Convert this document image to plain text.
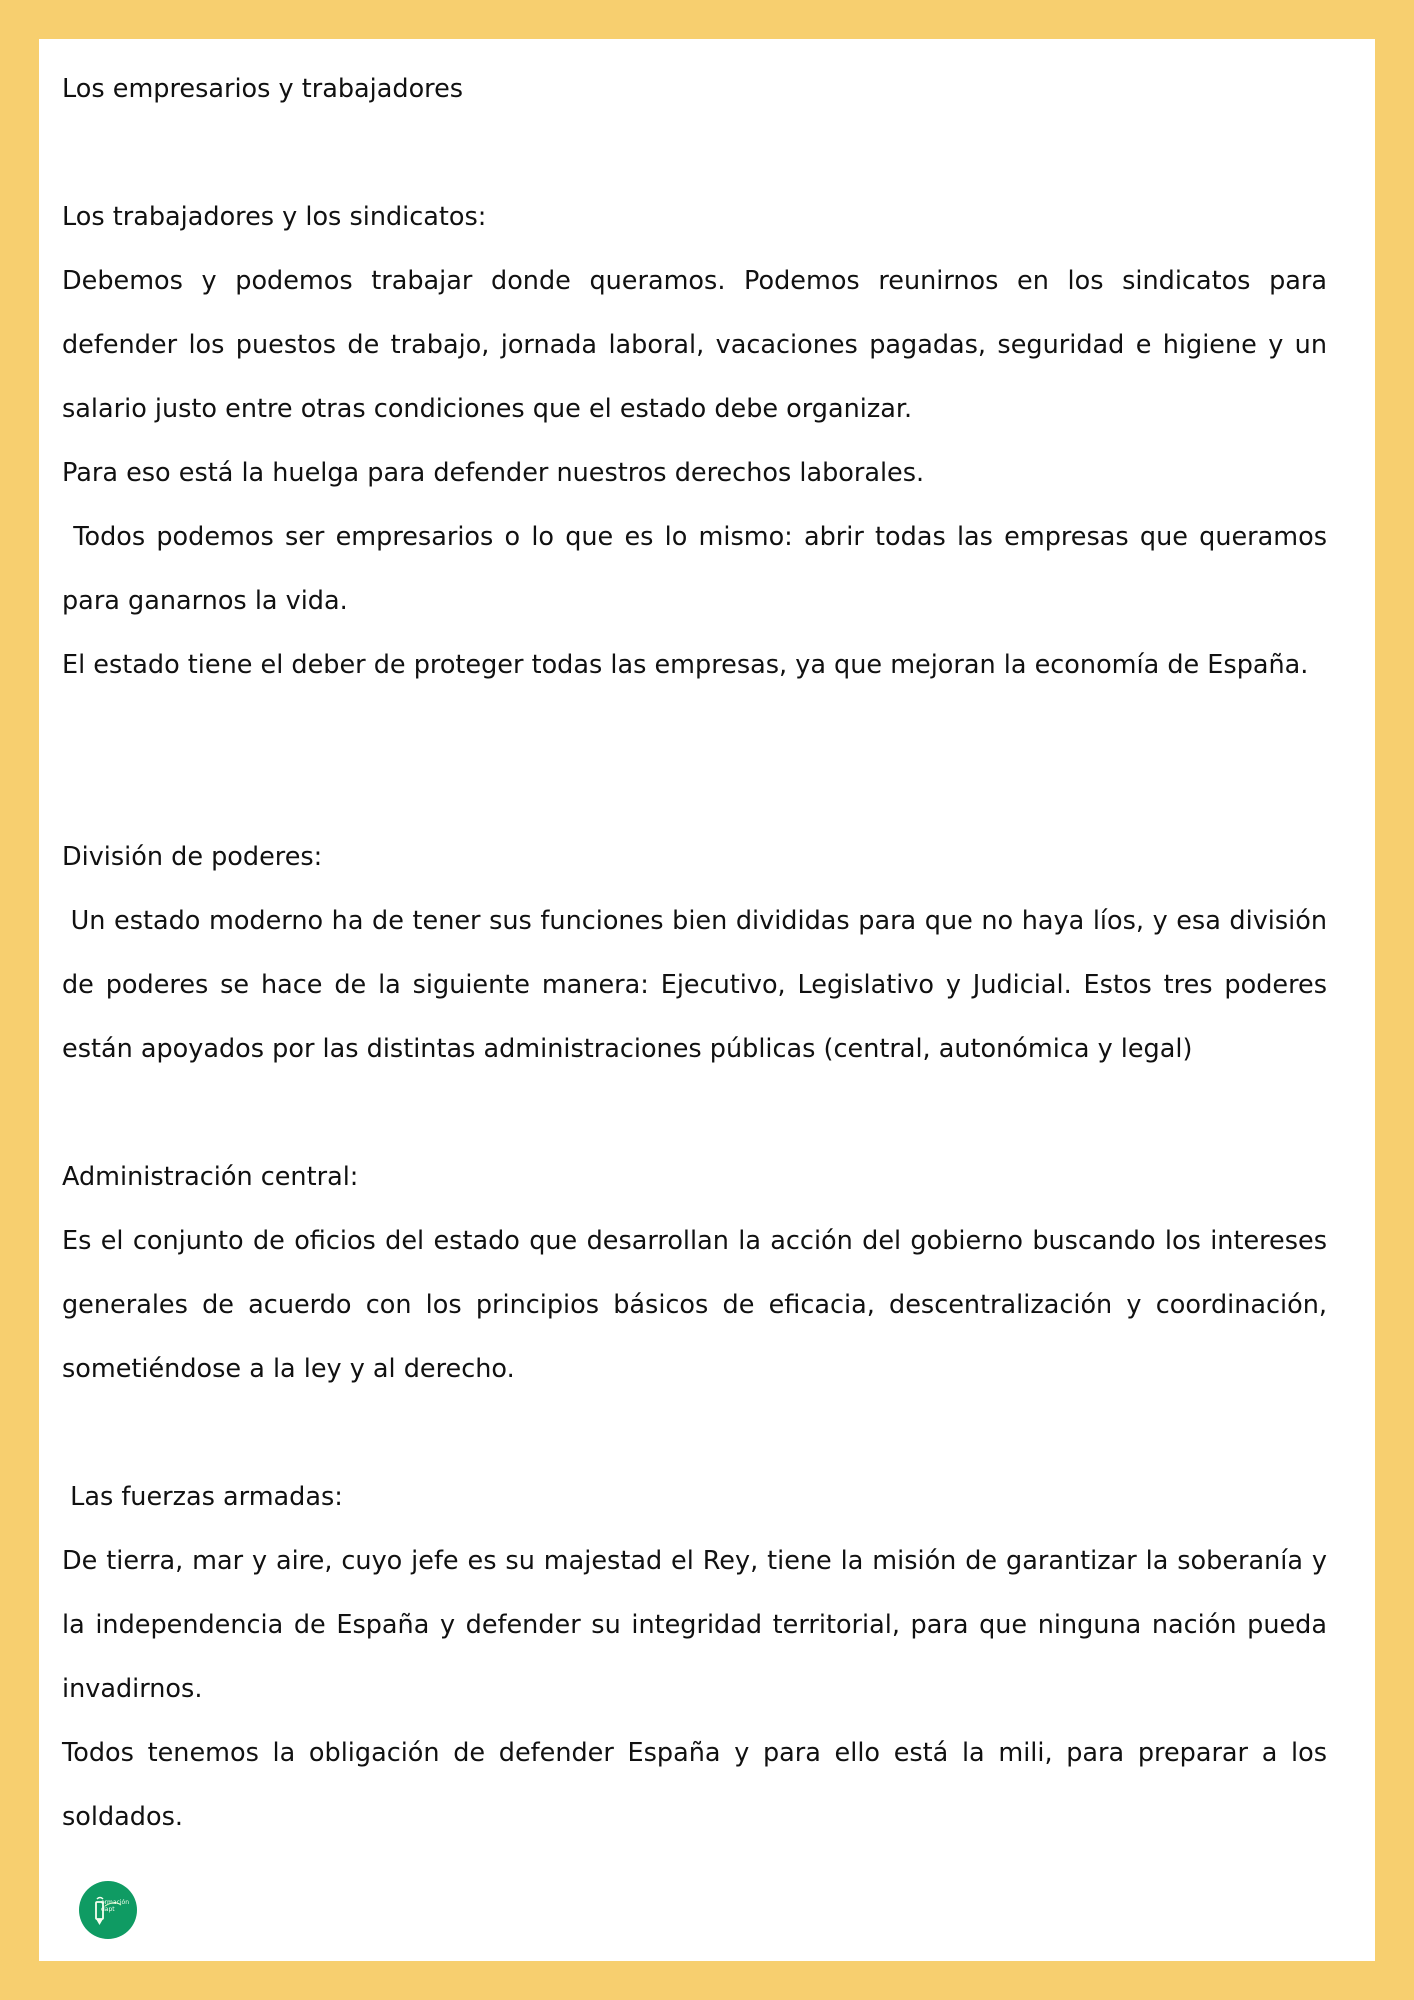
Los empresarios y trabajadores

Los trabajadores y los sindicatos:

Debemos y podemos trabajar donde queramos. Podemos reunirnos en los sindicatos para defender los puestos de trabajo, jornada laboral, vacaciones pagadas, seguridad e higiene y un salario justo entre otras condiciones que el estado debe organizar.

Para eso está la huelga para defender nuestros derechos laborales.

Todos podemos ser empresarios o lo que es lo mismo: abrir todas las empresas que queramos para ganarnos la vida.

El estado tiene el deber de proteger todas las empresas, ya que mejoran la economía de España.

División de poderes:

Un estado moderno ha de tener sus funciones bien divididas para que no haya líos, y esa división de poderes se hace de la siguiente manera: Ejecutivo, Legislativo y Judicial. Estos tres poderes están apoyados por las distintas administraciones públicas (central, autonómica y legal)

Administración central:

Es el conjunto de oficios del estado que desarrollan la acción del gobierno buscando los intereses generales de acuerdo con los principios básicos de eficacia, descentralización y coordinación, sometiéndose a la ley y al derecho.

Las fuerzas armadas:

De tierra, mar y aire, cuyo jefe es su majestad el Rey, tiene la misión de garantizar la soberanía y la independencia de España y defender su integridad territorial, para que ninguna nación pueda invadirnos.

Todos tenemos la obligación de defender España y para ello está la mili, para preparar a los soldados.

ormación
dapt
